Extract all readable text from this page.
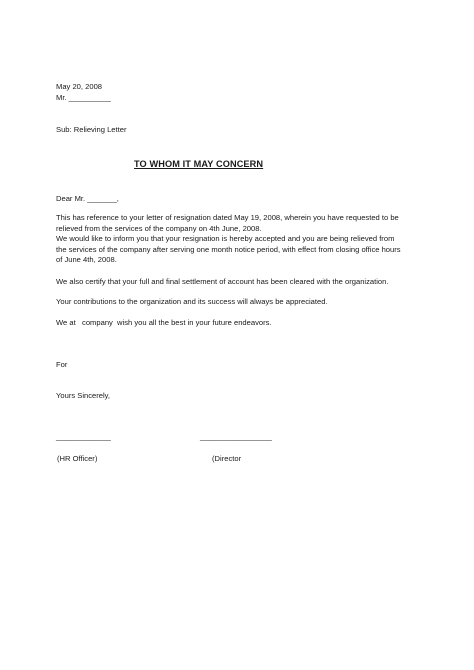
May 20, 2008
Mr. __________
Sub: Relieving Letter
TO WHOM IT MAY CONCERN
Dear Mr. _______,
This has reference to your letter of resignation dated May 19, 2008, wherein you have requested to be
relieved from the services of the company on 4th June, 2008.
We would like to inform you that your resignation is hereby accepted and you are being relieved from
the services of the company after serving one month notice period, with effect from closing office hours
of June 4th, 2008.
We also certify that your full and final settlement of account has been cleared with the organization.
Your contributions to the organization and its success will always be appreciated.
We at   company  wish you all the best in your future endeavors.
For
Yours Sincerely,
_____________	_________________
(HR Officer)	(Director
